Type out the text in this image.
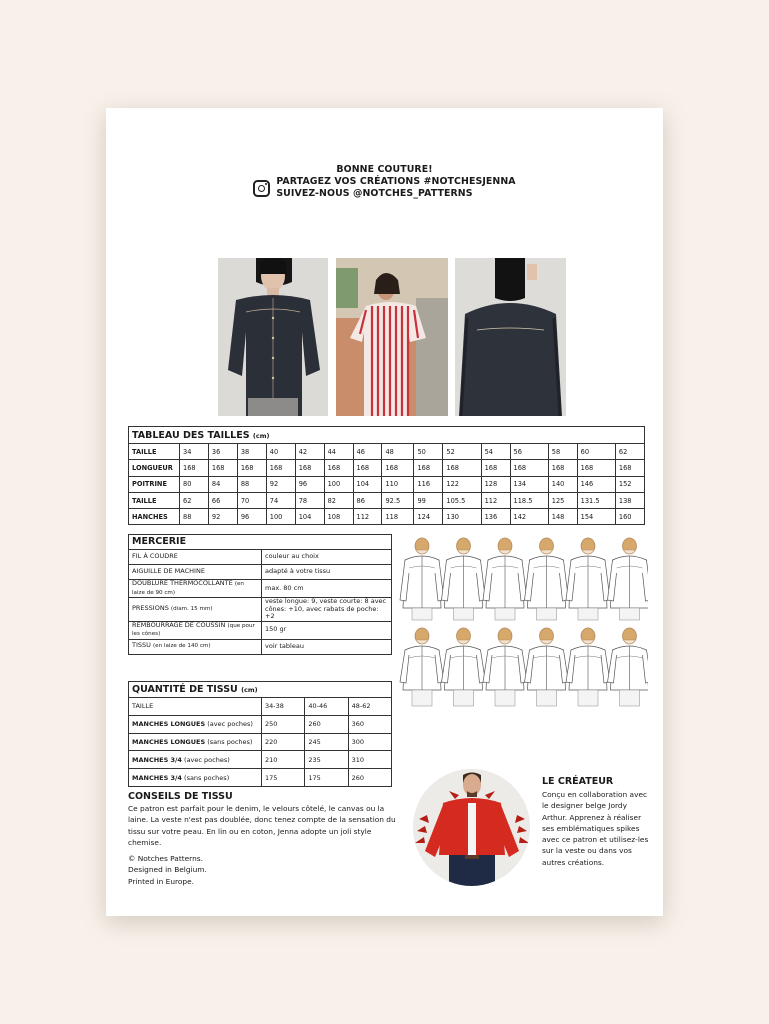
BONNE COUTURE!
PARTAGEZ VOS CRÉATIONS #NOTCHESJENNA
SUIVEZ-NOUS @NOTCHES_PATTERNS
TABLEAU DES TAILLES (cm)															
TAILLE	34	36	38	40	42	44	46	48	50	52	54	56	58	60	62
LONGUEUR	168	168	168	168	168	168	168	168	168	168	168	168	168	168	168
POITRINE	80	84	88	92	96	100	104	110	116	122	128	134	140	146	152
TAILLE	62	66	70	74	78	82	86	92.5	99	105.5	112	118.5	125	131.5	138
HANCHES	88	92	96	100	104	108	112	118	124	130	136	142	148	154	160
MERCERIE	
FIL À COUDRE	couleur au choix
AIGUILLE DE MACHINE	adapté à votre tissu
DOUBLURE THERMOCOLLANTE (en laize de 90 cm)	max. 80 cm
PRESSIONS (diam. 15 mm)	veste longue: 9, veste courte: 8 avec cônes: +10, avec rabats de poche: +2
REMBOURRAGE DE COUSSIN (que pour les cônes)	150 gr
TISSU (en laize de 140 cm)	voir tableau
QUANTITÉ DE TISSU (cm)			
TAILLE	34-38	40-46	48-62
MANCHES LONGUES (avec poches)	250	260	360
MANCHES LONGUES (sans poches)	220	245	300
MANCHES 3/4 (avec poches)	210	235	310
MANCHES 3/4 (sans poches)	175	175	260
CONSEILS DE TISSU

Ce patron est parfait pour le denim, le velours côtelé, le canvas ou la laine. La veste n'est pas doublée, donc tenez compte de la sensation du tissu sur votre peau. En lin ou en coton, Jenna adopte un joli style chemise.

© Notches Patterns.

Designed in Belgium.

Printed in Europe.

LE CRÉATEUR

Conçu en collaboration avec le designer belge Jordy Arthur. Apprenez à réaliser ses emblématiques spikes avec ce patron et utilisez-les sur la veste ou dans vos autres créations.
